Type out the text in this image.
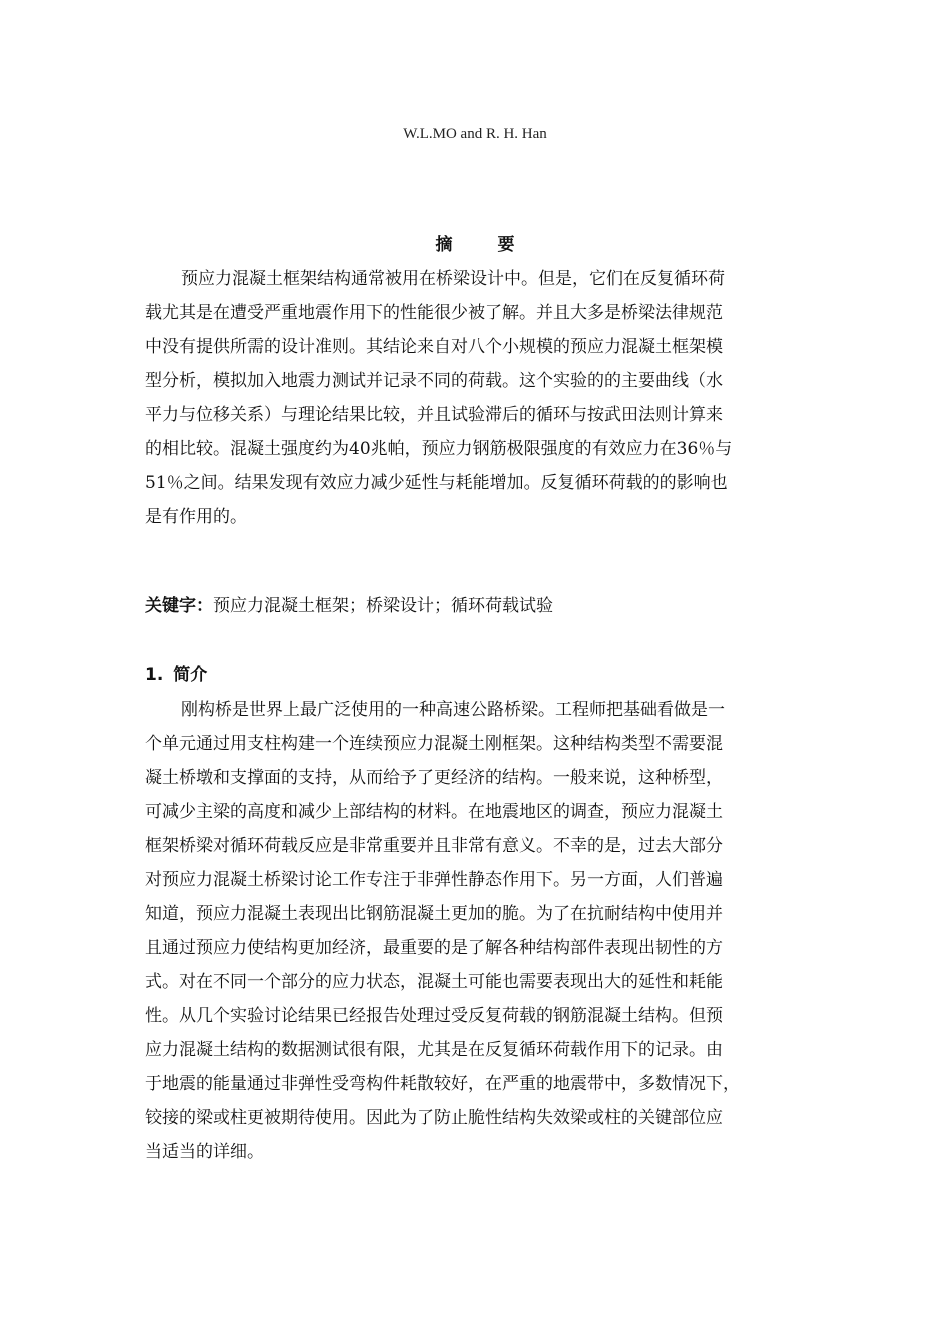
W.L.MO and R. H. Han
摘　要
预应力混凝土框架结构通常被用在桥梁设计中。但是，它们在反复循环荷
载尤其是在遭受严重地震作用下的性能很少被了解。并且大多是桥梁法律规范
中没有提供所需的设计准则。其结论来自对八个小规模的预应力混凝土框架模
型分析，模拟加入地震力测试并记录不同的荷载。这个实验的的主要曲线（水
平力与位移关系）与理论结果比较，并且试验滞后的循环与按武田法则计算来
的相比较。混凝土强度约为40兆帕，预应力钢筋极限强度的有效应力在36％与
51％之间。结果发现有效应力减少延性与耗能增加。反复循环荷载的的影响也
是有作用的。
关键字：预应力混凝土框架；桥梁设计；循环荷载试验
1. 简介
刚构桥是世界上最广泛使用的一种高速公路桥梁。工程师把基础看做是一
个单元通过用支柱构建一个连续预应力混凝土刚框架。这种结构类型不需要混
凝土桥墩和支撑面的支持，从而给予了更经济的结构。一般来说，这种桥型，
可减少主梁的高度和减少上部结构的材料。在地震地区的调查，预应力混凝土
框架桥梁对循环荷载反应是非常重要并且非常有意义。不幸的是，过去大部分
对预应力混凝土桥梁讨论工作专注于非弹性静态作用下。另一方面，人们普遍
知道，预应力混凝土表现出比钢筋混凝土更加的脆。为了在抗耐结构中使用并
且通过预应力使结构更加经济，最重要的是了解各种结构部件表现出韧性的方
式。对在不同一个部分的应力状态，混凝土可能也需要表现出大的延性和耗能
性。从几个实验讨论结果已经报告处理过受反复荷载的钢筋混凝土结构。但预
应力混凝土结构的数据测试很有限，尤其是在反复循环荷载作用下的记录。由
于地震的能量通过非弹性受弯构件耗散较好，在严重的地震带中，多数情况下，
铰接的梁或柱更被期待使用。因此为了防止脆性结构失效梁或柱的关键部位应
当适当的详细。
